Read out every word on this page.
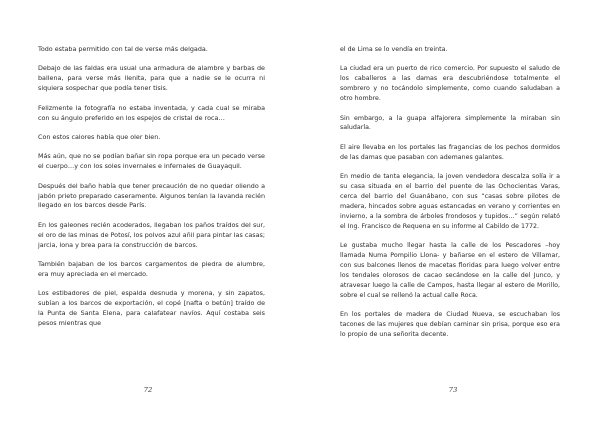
Todo estaba permitido con tal de verse más delgada.

Debajo de las faldas era usual una armadura de alambre y barbas de ballena, para verse más llenita, para que a nadie se le ocurra ni siquiera sospechar que podía tener tisis.

Felizmente la fotografía no estaba inventada, y cada cual se miraba con su ángulo preferido en los espejos de cristal de roca…

Con estos calores había que oler bien.

Más aún, que no se podían bañar sin ropa porque era un pecado verse el cuerpo…y con los soles invernales e infernales de Guayaquil.

Después del baño había que tener precaución de no quedar oliendo a jabón prieto preparado caseramente. Algunos tenían la lavanda recién llegado en los barcos desde París.

En los galeones recién acoderados, llegaban los paños traídos del sur, el oro de las minas de Potosí, los polvos azul añil para pintar las casas; jarcia, lona y brea para la construcción de barcos.

También bajaban de los barcos cargamentos de piedra de alumbre, era muy apreciada en el mercado.

Los estibadores de piel, espalda desnuda y morena, y sin zapatos, subían a los barcos de exportación, el copé [nafta o betún] traído de la Punta de Santa Elena, para calafatear navíos. Aquí costaba seis pesos mientras que

72

el de Lima se lo vendía en treinta.

La ciudad era un puerto de rico comercio. Por supuesto el saludo de los caballeros a las damas era descubriéndose totalmente el sombrero y no tocándolo simplemente, como cuando saludaban a otro hombre.

Sin embargo, a la guapa alfajorera simplemente la miraban sin saludarla.

El aire llevaba en los portales las fragancias de los pechos dormidos de las damas que pasaban con ademanes galantes.

En medio de tanta elegancia, la joven vendedora descalza solía ir a su casa situada en el barrio del puente de las Ochocientas Varas, cerca del barrio del Guanábano, con sus “casas sobre pilotes de madera, hincados sobre aguas estancadas en verano y corrientes en invierno, a la sombra de árboles frondosos y tupidos…” según relató el Ing. Francisco de Requena en su informe al Cabildo de 1772.

Le gustaba mucho llegar hasta la calle de los Pescadores –hoy llamada Numa Pompilio Llona- y bañarse en el estero de Villamar, con sus balcones llenos de macetas floridas para luego volver entre los tendales olorosos de cacao secándose en la calle del Junco, y atravesar luego la calle de Campos, hasta llegar al estero de Morillo, sobre el cual se rellenó la actual calle Roca.

En los portales de madera de Ciudad Nueva, se escuchaban los tacones de las mujeres que debían caminar sin prisa, porque eso era lo propio de una señorita decente.

73
